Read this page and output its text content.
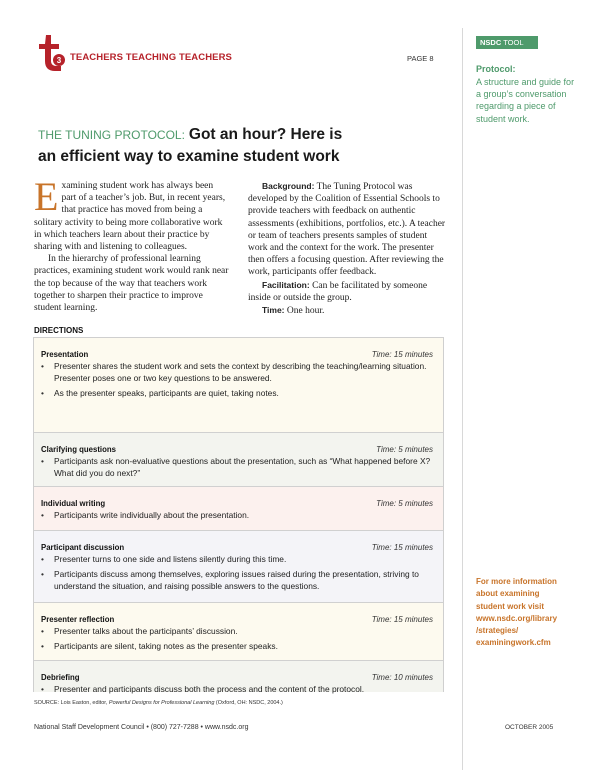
3 TEACHERS TEACHING TEACHERS	PAGE 8
NSDC TOOL
Protocol:
A structure and guide for a group’s conversation regarding a piece of student work.
For more information
about examining
student work visit
www.nsdc.org/library
/strategies/
examiningwork.cfm
THE TUNING PROTOCOL: Got an hour? Here is
an efficient way to examine student work

Examining student work has always been part of a teacher’s job. But, in recent years, that practice has moved from being a solitary activity to being more collaborative work in which teachers learn about their practice by sharing with and listening to colleagues.

In the hierarchy of professional learning practices, examining student work would rank near the top because of the way that teachers work together to sharpen their practice to improve student learning.

Background: The Tuning Protocol was developed by the Coalition of Essential Schools to provide teachers with feedback on authentic assessments (exhibitions, portfolios, etc.). A teacher or team of teachers presents samples of student work and the context for the work. The presenter then offers a focusing question. After reviewing the work, participants offer feedback.

Facilitation: Can be facilitated by someone inside or outside the group.

Time: One hour.

DIRECTIONS
Presentation	Time: 15 minutes
• Presenter shares the student work and sets the context by describing the teaching/learning situation. Presenter poses one or two key questions to be answered.
• As the presenter speaks, participants are quiet, taking notes.
Clarifying questions	Time: 5 minutes
• Participants ask non-evaluative questions about the presentation, such as “What happened before X? What did you do next?”
Individual writing	Time: 5 minutes
• Participants write individually about the presentation.
Participant discussion	Time: 15 minutes
• Presenter turns to one side and listens silently during this time.
• Participants discuss among themselves, exploring issues raised during the presentation, striving to understand the situation, and raising possible answers to the questions.
Presenter reflection	Time: 15 minutes
• Presenter talks about the participants’ discussion.
• Participants are silent, taking notes as the presenter speaks.
Debriefing	Time: 10 minutes
• Presenter and participants discuss both the process and the content of the protocol.
SOURCE: Lois Easton, editor, Powerful Designs for Professional Learning (Oxford, OH: NSDC, 2004.)
National Staff Development Council • (800) 727-7288 • www.nsdc.org	OCTOBER 2005
